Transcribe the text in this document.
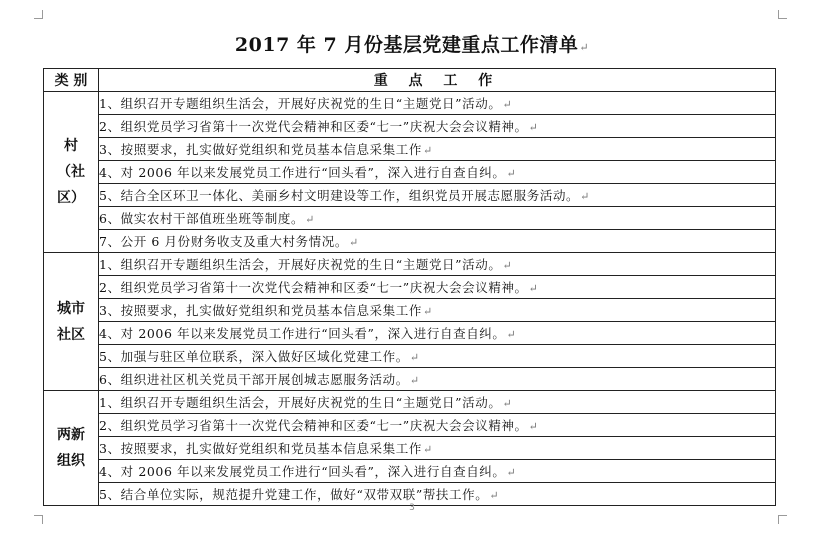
2017 年 7 月份基层党建重点工作清单↵
类 别	重 点 工 作

村
（社
区）	1、组织召开专题组织生活会，开展好庆祝党的生日“主题党日”活动。↵
	2、组织党员学习省第十一次党代会精神和区委“七一”庆祝大会会议精神。↵
	3、按照要求，扎实做好党组织和党员基本信息采集工作↵
	4、对 2006 年以来发展党员工作进行“回头看”，深入进行自查自纠。↵
	5、结合全区环卫一体化、美丽乡村文明建设等工作，组织党员开展志愿服务活动。↵
	6、做实农村干部值班坐班等制度。↵
	7、公开 6 月份财务收支及重大村务情况。↵

城市
社区	1、组织召开专题组织生活会，开展好庆祝党的生日“主题党日”活动。↵
	2、组织党员学习省第十一次党代会精神和区委“七一”庆祝大会会议精神。↵
	3、按照要求，扎实做好党组织和党员基本信息采集工作↵
	4、对 2006 年以来发展党员工作进行“回头看”，深入进行自查自纠。↵
	5、加强与驻区单位联系，深入做好区域化党建工作。↵
	6、组织进社区机关党员干部开展创城志愿服务活动。↵

两新
组织	1、组织召开专题组织生活会，开展好庆祝党的生日“主题党日”活动。↵
	2、组织党员学习省第十一次党代会精神和区委“七一”庆祝大会会议精神。↵
	3、按照要求，扎实做好党组织和党员基本信息采集工作↵
	4、对 2006 年以来发展党员工作进行“回头看”，深入进行自查自纠。↵
	5、结合单位实际，规范提升党建工作，做好“双带双联”帮扶工作。↵
3
